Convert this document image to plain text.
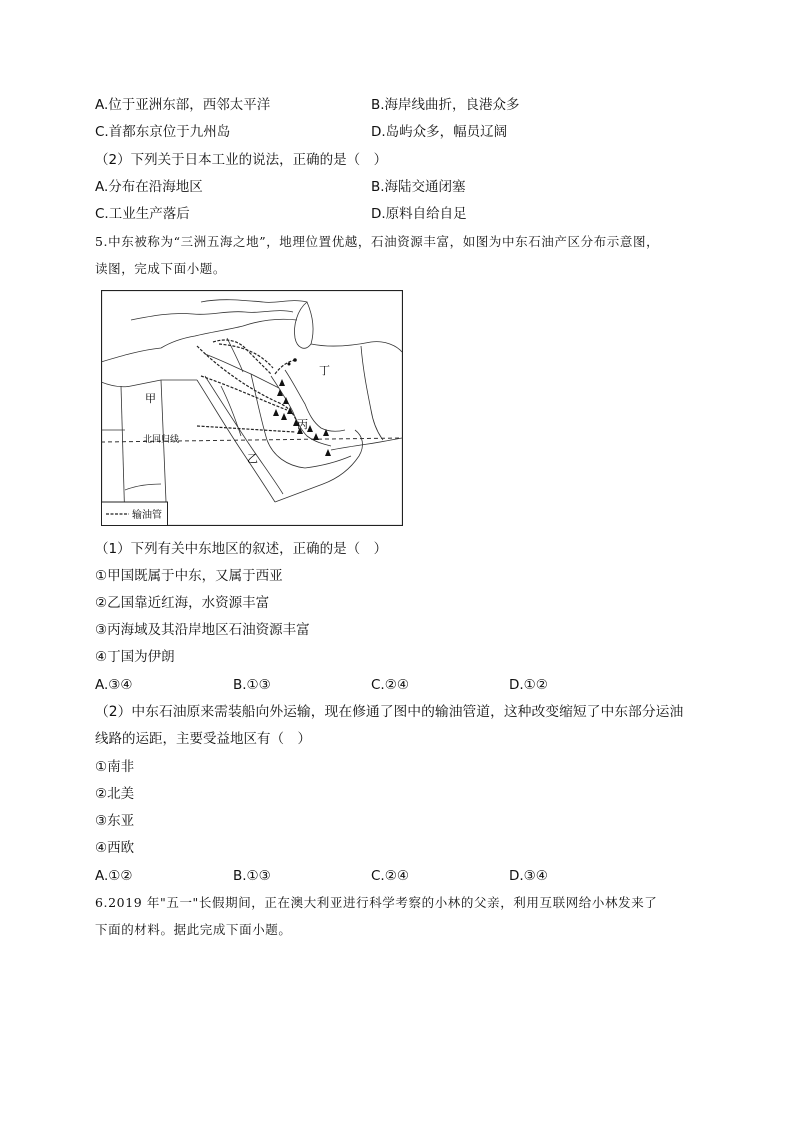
A.位于亚洲东部，西邻太平洋	B.海岸线曲折，良港众多
C.首都东京位于九州岛	D.岛屿众多，幅员辽阔
（2）下列关于日本工业的说法，正确的是（　）
A.分布在沿海地区	B.海陆交通闭塞
C.工业生产落后	D.原料自给自足
5.中东被称为“三洲五海之地”，地理位置优越，石油资源丰富，如图为中东石油产区分布示意图，
读图，完成下面小题。
甲
乙
丙
丁
北回归线
输油管
（1）下列有关中东地区的叙述，正确的是（　）
①甲国既属于中东，又属于西亚
②乙国靠近红海，水资源丰富
③丙海域及其沿岸地区石油资源丰富
④丁国为伊朗
A.③④	B.①③	C.②④	D.①②
（2）中东石油原来需装船向外运输，现在修通了图中的输油管道，这种改变缩短了中东部分运油
线路的运距，主要受益地区有（　）
①南非
②北美
③东亚
④西欧
A.①②	B.①③	C.②④	D.③④
6.2019 年"五一"长假期间，正在澳大利亚进行科学考察的小林的父亲，利用互联网给小林发来了
下面的材料。据此完成下面小题。
